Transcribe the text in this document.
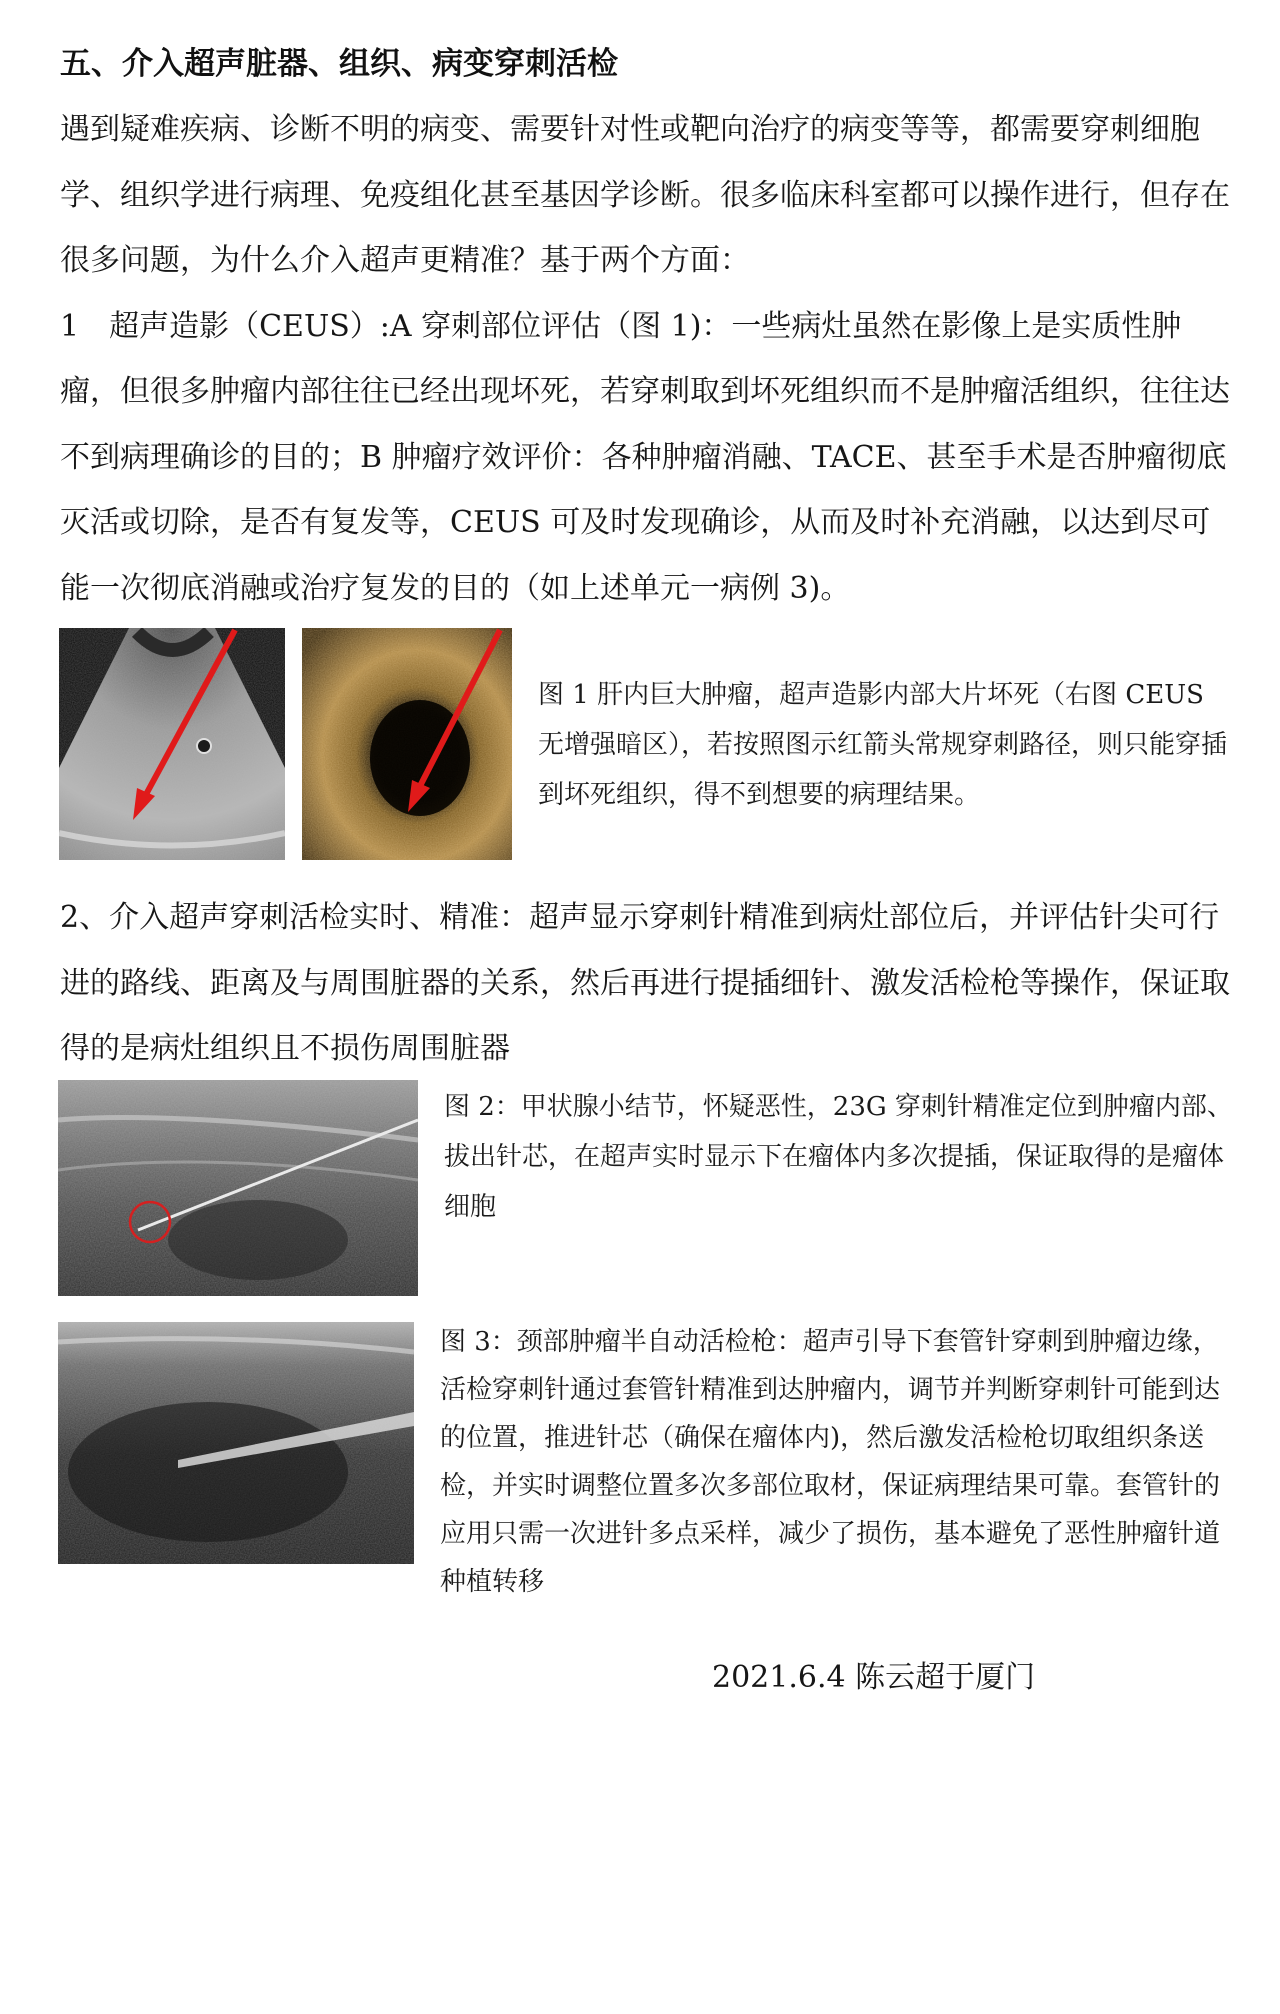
五、介入超声脏器、组织、病变穿刺活检

遇到疑难疾病、诊断不明的病变、需要针对性或靶向治疗的病变等等，都需要穿刺细胞学、组织学进行病理、免疫组化甚至基因学诊断。很多临床科室都可以操作进行，但存在很多问题，为什么介入超声更精准？基于两个方面：
1　超声造影（CEUS）:A 穿刺部位评估（图 1)：一些病灶虽然在影像上是实质性肿瘤，但很多肿瘤内部往往已经出现坏死，若穿刺取到坏死组织而不是肿瘤活组织，往往达不到病理确诊的目的；B 肿瘤疗效评价：各种肿瘤消融、TACE、甚至手术是否肿瘤彻底灭活或切除，是否有复发等，CEUS 可及时发现确诊，从而及时补充消融，以达到尽可能一次彻底消融或治疗复发的目的（如上述单元一病例 3)。

图 1 肝内巨大肿瘤，超声造影内部大片坏死（右图 CEUS 无增强暗区），若按照图示红箭头常规穿刺路径，则只能穿插到坏死组织，得不到想要的病理结果。

2、介入超声穿刺活检实时、精准：超声显示穿刺针精准到病灶部位后，并评估针尖可行进的路线、距离及与周围脏器的关系，然后再进行提插细针、激发活检枪等操作，保证取得的是病灶组织且不损伤周围脏器

图 2：甲状腺小结节，怀疑恶性，23G 穿刺针精准定位到肿瘤内部、拔出针芯，在超声实时显示下在瘤体内多次提插，保证取得的是瘤体细胞

图 3：颈部肿瘤半自动活检枪：超声引导下套管针穿刺到肿瘤边缘，活检穿刺针通过套管针精准到达肿瘤内，调节并判断穿刺针可能到达的位置，推进针芯（确保在瘤体内)，然后激发活检枪切取组织条送检，并实时调整位置多次多部位取材，保证病理结果可靠。套管针的应用只需一次进针多点采样，减少了损伤，基本避免了恶性肿瘤针道种植转移

2021.6.4 陈云超于厦门
